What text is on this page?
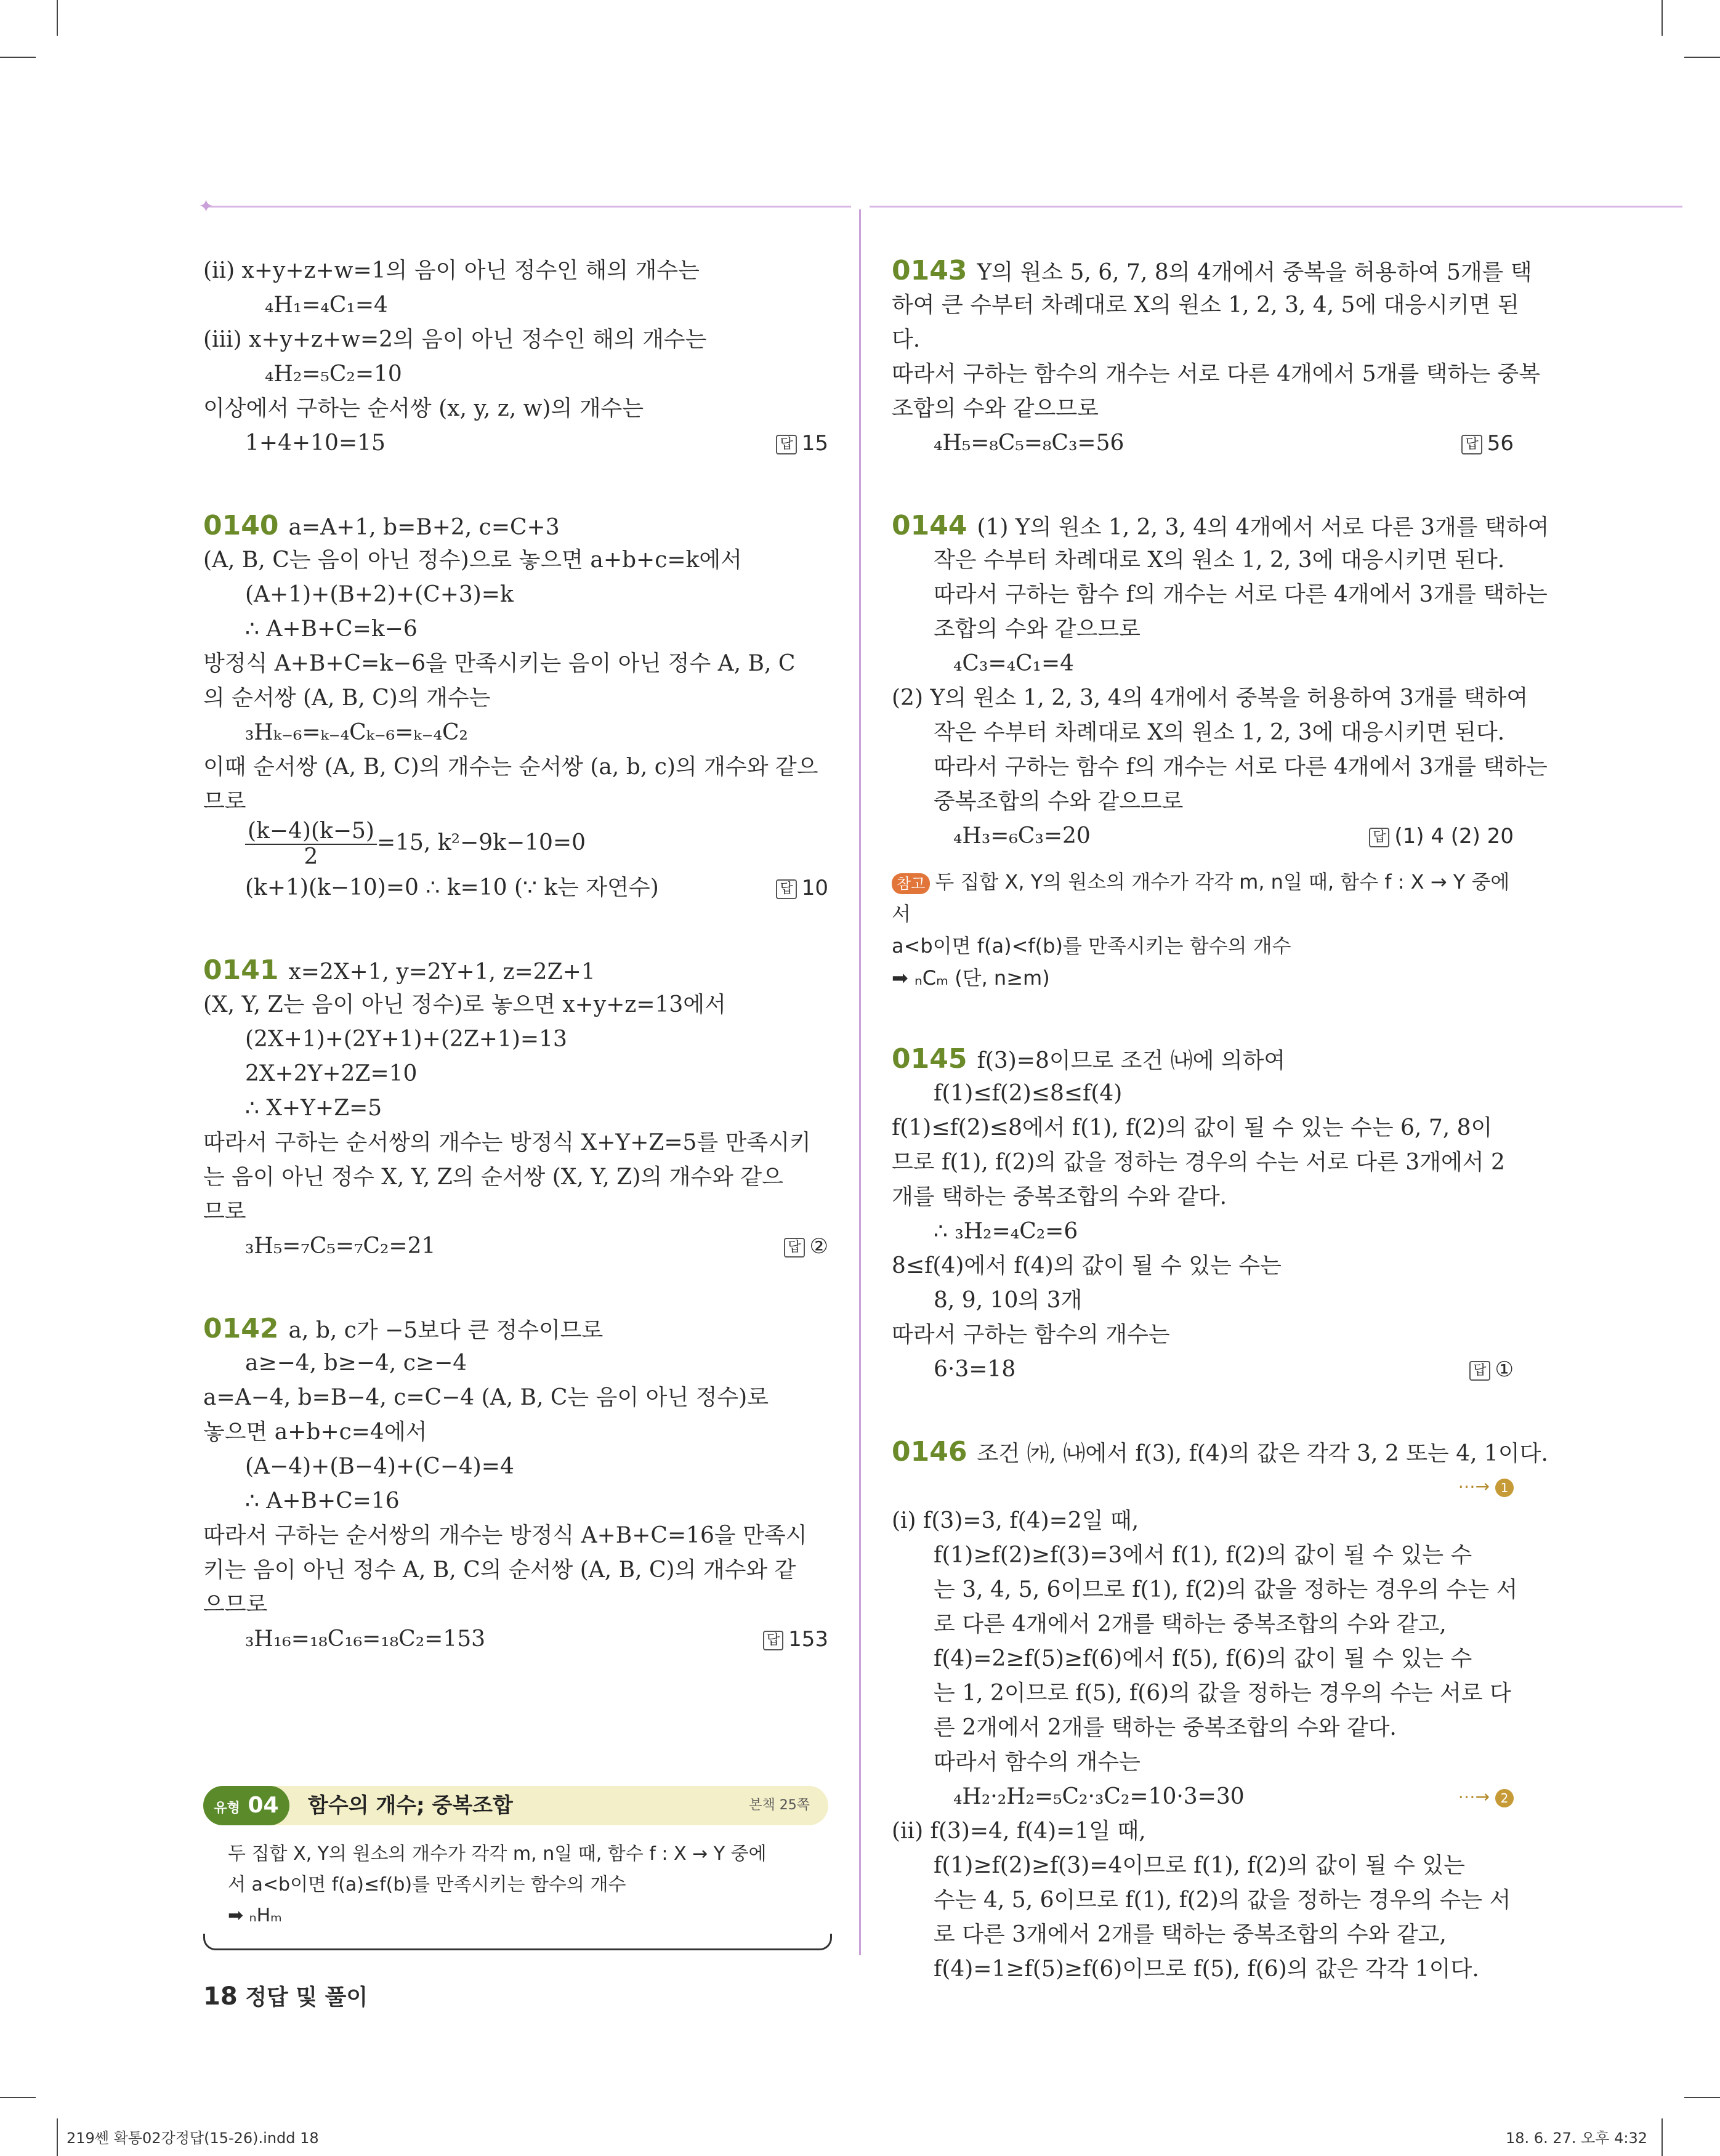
✦
(ⅱ) x+y+z+w=1의 음이 아닌 정수인 해의 개수는
₄H₁=₄C₁=4
(ⅲ) x+y+z+w=2의 음이 아닌 정수인 해의 개수는
₄H₂=₅C₂=10
이상에서 구하는 순서쌍 (x, y, z, w)의 개수는
1+4+10=15	답 15
0140 a=A+1, b=B+2, c=C+3
(A, B, C는 음이 아닌 정수)으로 놓으면 a+b+c=k에서
(A+1)+(B+2)+(C+3)=k
∴ A+B+C=k−6
방정식 A+B+C=k−6을 만족시키는 음이 아닌 정수 A, B, C
의 순서쌍 (A, B, C)의 개수는
₃Hₖ₋₆=ₖ₋₄Cₖ₋₆=ₖ₋₄C₂
이때 순서쌍 (A, B, C)의 개수는 순서쌍 (a, b, c)의 개수와 같으
므로
$\frac{(k-4)(k-5)}{2} =15$, k²−9k−10=0
(k+1)(k−10)=0 ∴ k=10 (∵ k는 자연수)	답 10
0141 x=2X+1, y=2Y+1, z=2Z+1
(X, Y, Z는 음이 아닌 정수)로 놓으면 x+y+z=13에서
(2X+1)+(2Y+1)+(2Z+1)=13
2X+2Y+2Z=10
∴ X+Y+Z=5
따라서 구하는 순서쌍의 개수는 방정식 X+Y+Z=5를 만족시키
는 음이 아닌 정수 X, Y, Z의 순서쌍 (X, Y, Z)의 개수와 같으
므로
₃H₅=₇C₅=₇C₂=21	답 ②
0142 a, b, c가 −5보다 큰 정수이므로
a≥−4, b≥−4, c≥−4
a=A−4, b=B−4, c=C−4 (A, B, C는 음이 아닌 정수)로
놓으면 a+b+c=4에서
(A−4)+(B−4)+(C−4)=4
∴ A+B+C=16
따라서 구하는 순서쌍의 개수는 방정식 A+B+C=16을 만족시
키는 음이 아닌 정수 A, B, C의 순서쌍 (A, B, C)의 개수와 같
으므로
₃H₁₆=₁₈C₁₆=₁₈C₂=153	답 153
유형 04	함수의 개수; 중복조합	본책 25쪽
두 집합 X, Y의 원소의 개수가 각각 m, n일 때, 함수 f : X → Y 중에
서 a<b이면 f(a)≤f(b)를 만족시키는 함수의 개수
➡ ₙHₘ
0143 Y의 원소 5, 6, 7, 8의 4개에서 중복을 허용하여 5개를 택
하여 큰 수부터 차례대로 X의 원소 1, 2, 3, 4, 5에 대응시키면 된
다.
따라서 구하는 함수의 개수는 서로 다른 4개에서 5개를 택하는 중복
조합의 수와 같으므로
₄H₅=₈C₅=₈C₃=56	답 56
0144 (1) Y의 원소 1, 2, 3, 4의 4개에서 서로 다른 3개를 택하여
작은 수부터 차례대로 X의 원소 1, 2, 3에 대응시키면 된다.
따라서 구하는 함수 f의 개수는 서로 다른 4개에서 3개를 택하는
조합의 수와 같으므로
₄C₃=₄C₁=4
(2) Y의 원소 1, 2, 3, 4의 4개에서 중복을 허용하여 3개를 택하여
작은 수부터 차례대로 X의 원소 1, 2, 3에 대응시키면 된다.
따라서 구하는 함수 f의 개수는 서로 다른 4개에서 3개를 택하는
중복조합의 수와 같으므로
₄H₃=₆C₃=20	답 (1) 4 (2) 20
참고 두 집합 X, Y의 원소의 개수가 각각 m, n일 때, 함수 f : X → Y 중에서
a<b이면 f(a)<f(b)를 만족시키는 함수의 개수
➡ ₙCₘ (단, n≥m)
0145 f(3)=8이므로 조건 ㈏에 의하여
f(1)≤f(2)≤8≤f(4)
f(1)≤f(2)≤8에서 f(1), f(2)의 값이 될 수 있는 수는 6, 7, 8이
므로 f(1), f(2)의 값을 정하는 경우의 수는 서로 다른 3개에서 2
개를 택하는 중복조합의 수와 같다.
∴ ₃H₂=₄C₂=6
8≤f(4)에서 f(4)의 값이 될 수 있는 수는
8, 9, 10의 3개
따라서 구하는 함수의 개수는
6·3=18	답 ①
0146 조건 ㈎, ㈏에서 f(3), f(4)의 값은 각각 3, 2 또는 4, 1이다.
⋯→ 1
(ⅰ) f(3)=3, f(4)=2일 때,
f(1)≥f(2)≥f(3)=3에서 f(1), f(2)의 값이 될 수 있는 수
는 3, 4, 5, 6이므로 f(1), f(2)의 값을 정하는 경우의 수는 서
로 다른 4개에서 2개를 택하는 중복조합의 수와 같고,
f(4)=2≥f(5)≥f(6)에서 f(5), f(6)의 값이 될 수 있는 수
는 1, 2이므로 f(5), f(6)의 값을 정하는 경우의 수는 서로 다
른 2개에서 2개를 택하는 중복조합의 수와 같다.
따라서 함수의 개수는
₄H₂·₂H₂=₅C₂·₃C₂=10·3=30	⋯→ 2
(ⅱ) f(3)=4, f(4)=1일 때,
f(1)≥f(2)≥f(3)=4이므로 f(1), f(2)의 값이 될 수 있는
수는 4, 5, 6이므로 f(1), f(2)의 값을 정하는 경우의 수는 서
로 다른 3개에서 2개를 택하는 중복조합의 수와 같고,
f(4)=1≥f(5)≥f(6)이므로 f(5), f(6)의 값은 각각 1이다.
18 정답 및 풀이
219쎈 확통02강정답(15-26).indd 18	18. 6. 27. 오후 4:32
